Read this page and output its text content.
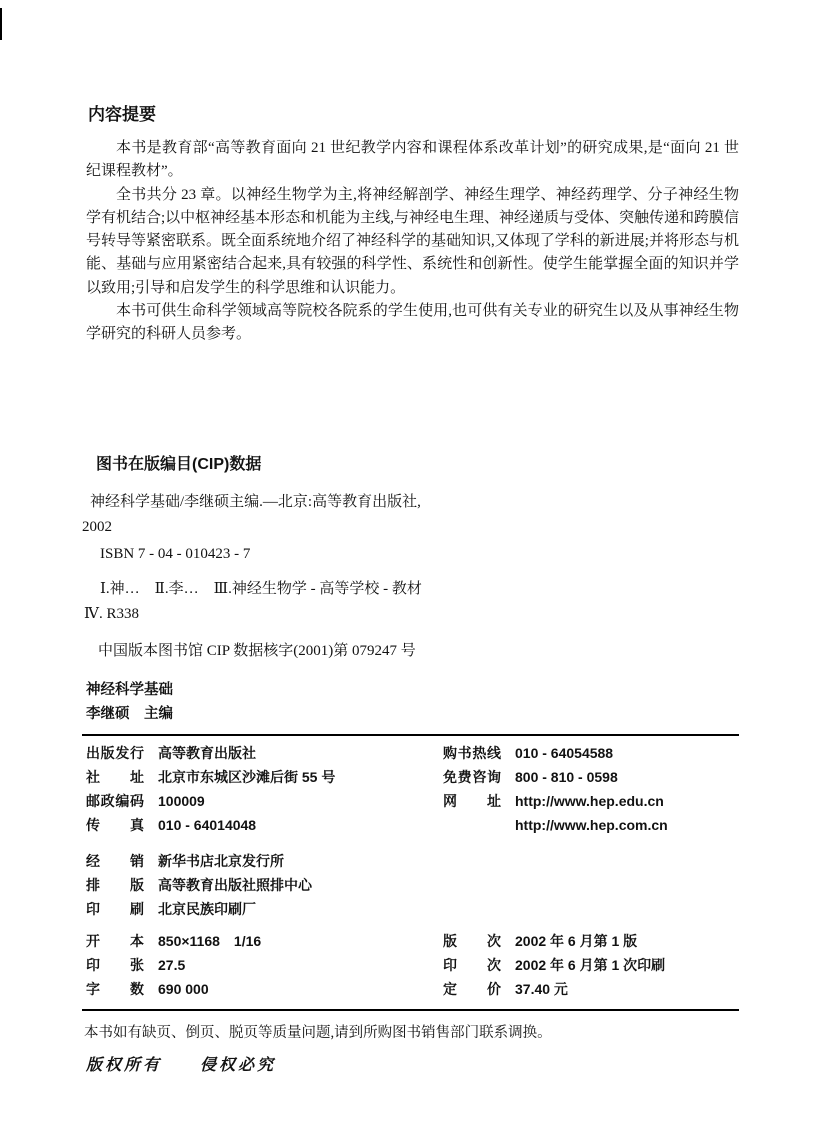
内容提要

本书是教育部“高等教育面向 21 世纪教学内容和课程体系改革计划”的研究成果,是“面向 21 世纪课程教材”。

全书共分 23 章。以神经生物学为主,将神经解剖学、神经生理学、神经药理学、分子神经生物学有机结合;以中枢神经基本形态和机能为主线,与神经电生理、神经递质与受体、突触传递和跨膜信号转导等紧密联系。既全面系统地介绍了神经科学的基础知识,又体现了学科的新进展;并将形态与机能、基础与应用紧密结合起来,具有较强的科学性、系统性和创新性。使学生能掌握全面的知识并学以致用;引导和启发学生的科学思维和认识能力。

本书可供生命科学领域高等院校各院系的学生使用,也可供有关专业的研究生以及从事神经生物学研究的科研人员参考。

图书在版编目(CIP)数据

神经科学基础/李继硕主编.—北京:高等教育出版社,

2002

ISBN 7 - 04 - 010423 - 7

Ⅰ.神…　Ⅱ.李…　Ⅲ.神经生物学 - 高等学校 - 教材

Ⅳ. R338

中国版本图书馆 CIP 数据核字(2001)第 079247 号

神经科学基础
李继硕　主编
出版发行 高等教育出版社
社址 北京市东城区沙滩后街 55 号
邮政编码 100009
传真 010 - 64014048
购书热线 010 - 64054588
免费咨询 800 - 810 - 0598
网址 http://www.hep.edu.cn
http://www.hep.com.cn
经销 新华书店北京发行所
排版 高等教育出版社照排中心
印刷 北京民族印刷厂
开本 850×1168　1/16
印张 27.5
字数 690 000
版次 2002 年 6 月第 1 版
印次 2002 年 6 月第 1 次印刷
定价 37.40 元

本书如有缺页、倒页、脱页等质量问题,请到所购图书销售部门联系调换。

版权所有　　侵权必究
